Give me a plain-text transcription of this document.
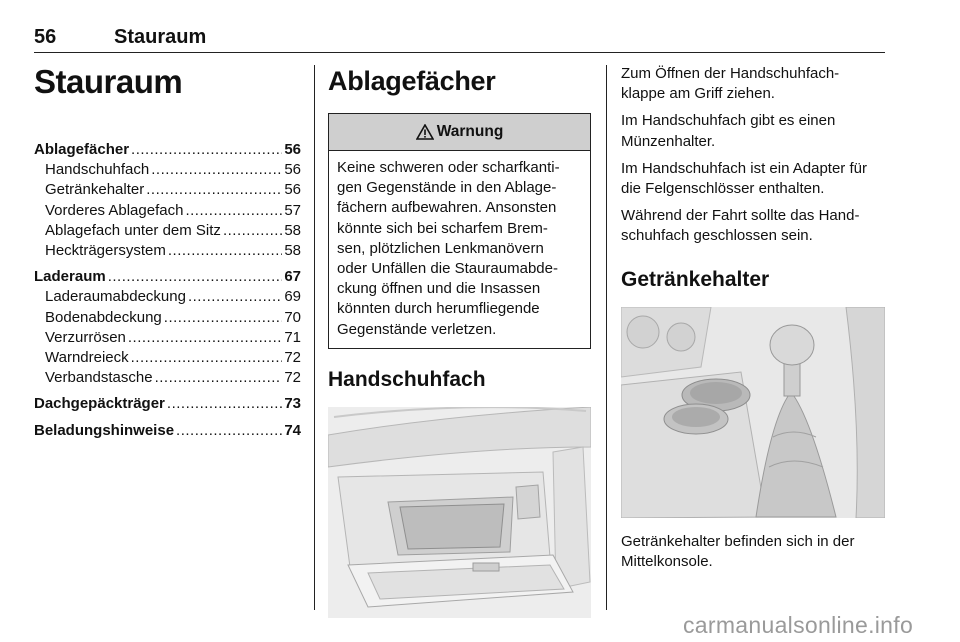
56	Stauraum
Stauraum
Ablagefächer .....	56
Handschuhfach .....	56
Getränkehalter .....	56
Vorderes Ablagefach .....	57
Ablagefach unter dem Sitz .....	58
Heckträgersystem .....	58
Laderaum .....	67
Laderaumabdeckung .....	69
Bodenabdeckung .....	70
Verzurrösen .....	71
Warndreieck .....	72
Verbandstasche .....	72
Dachgepäckträger .....	73
Beladungshinweise .....	74
Ablagefächer
Warnung
Keine schweren oder scharfkanti-
gen Gegenstände in den Ablage-
fächern aufbewahren. Ansonsten
könnte sich bei scharfem Brem-
sen, plötzlichen Lenkmanövern
oder Unfällen die Stauraumabde-
ckung öffnen und die Insassen
könnten durch herumfliegende
Gegenstände verletzen.
Handschuhfach

Zum Öffnen der Handschuhfach-
klappe am Griff ziehen.

Im Handschuhfach gibt es einen
Münzenhalter.

Im Handschuhfach ist ein Adapter für
die Felgenschlösser enthalten.

Während der Fahrt sollte das Hand-
schuhfach geschlossen sein.

Getränkehalter
Getränkehalter befinden sich in der
Mittelkonsole.
carmanualsonline.info
